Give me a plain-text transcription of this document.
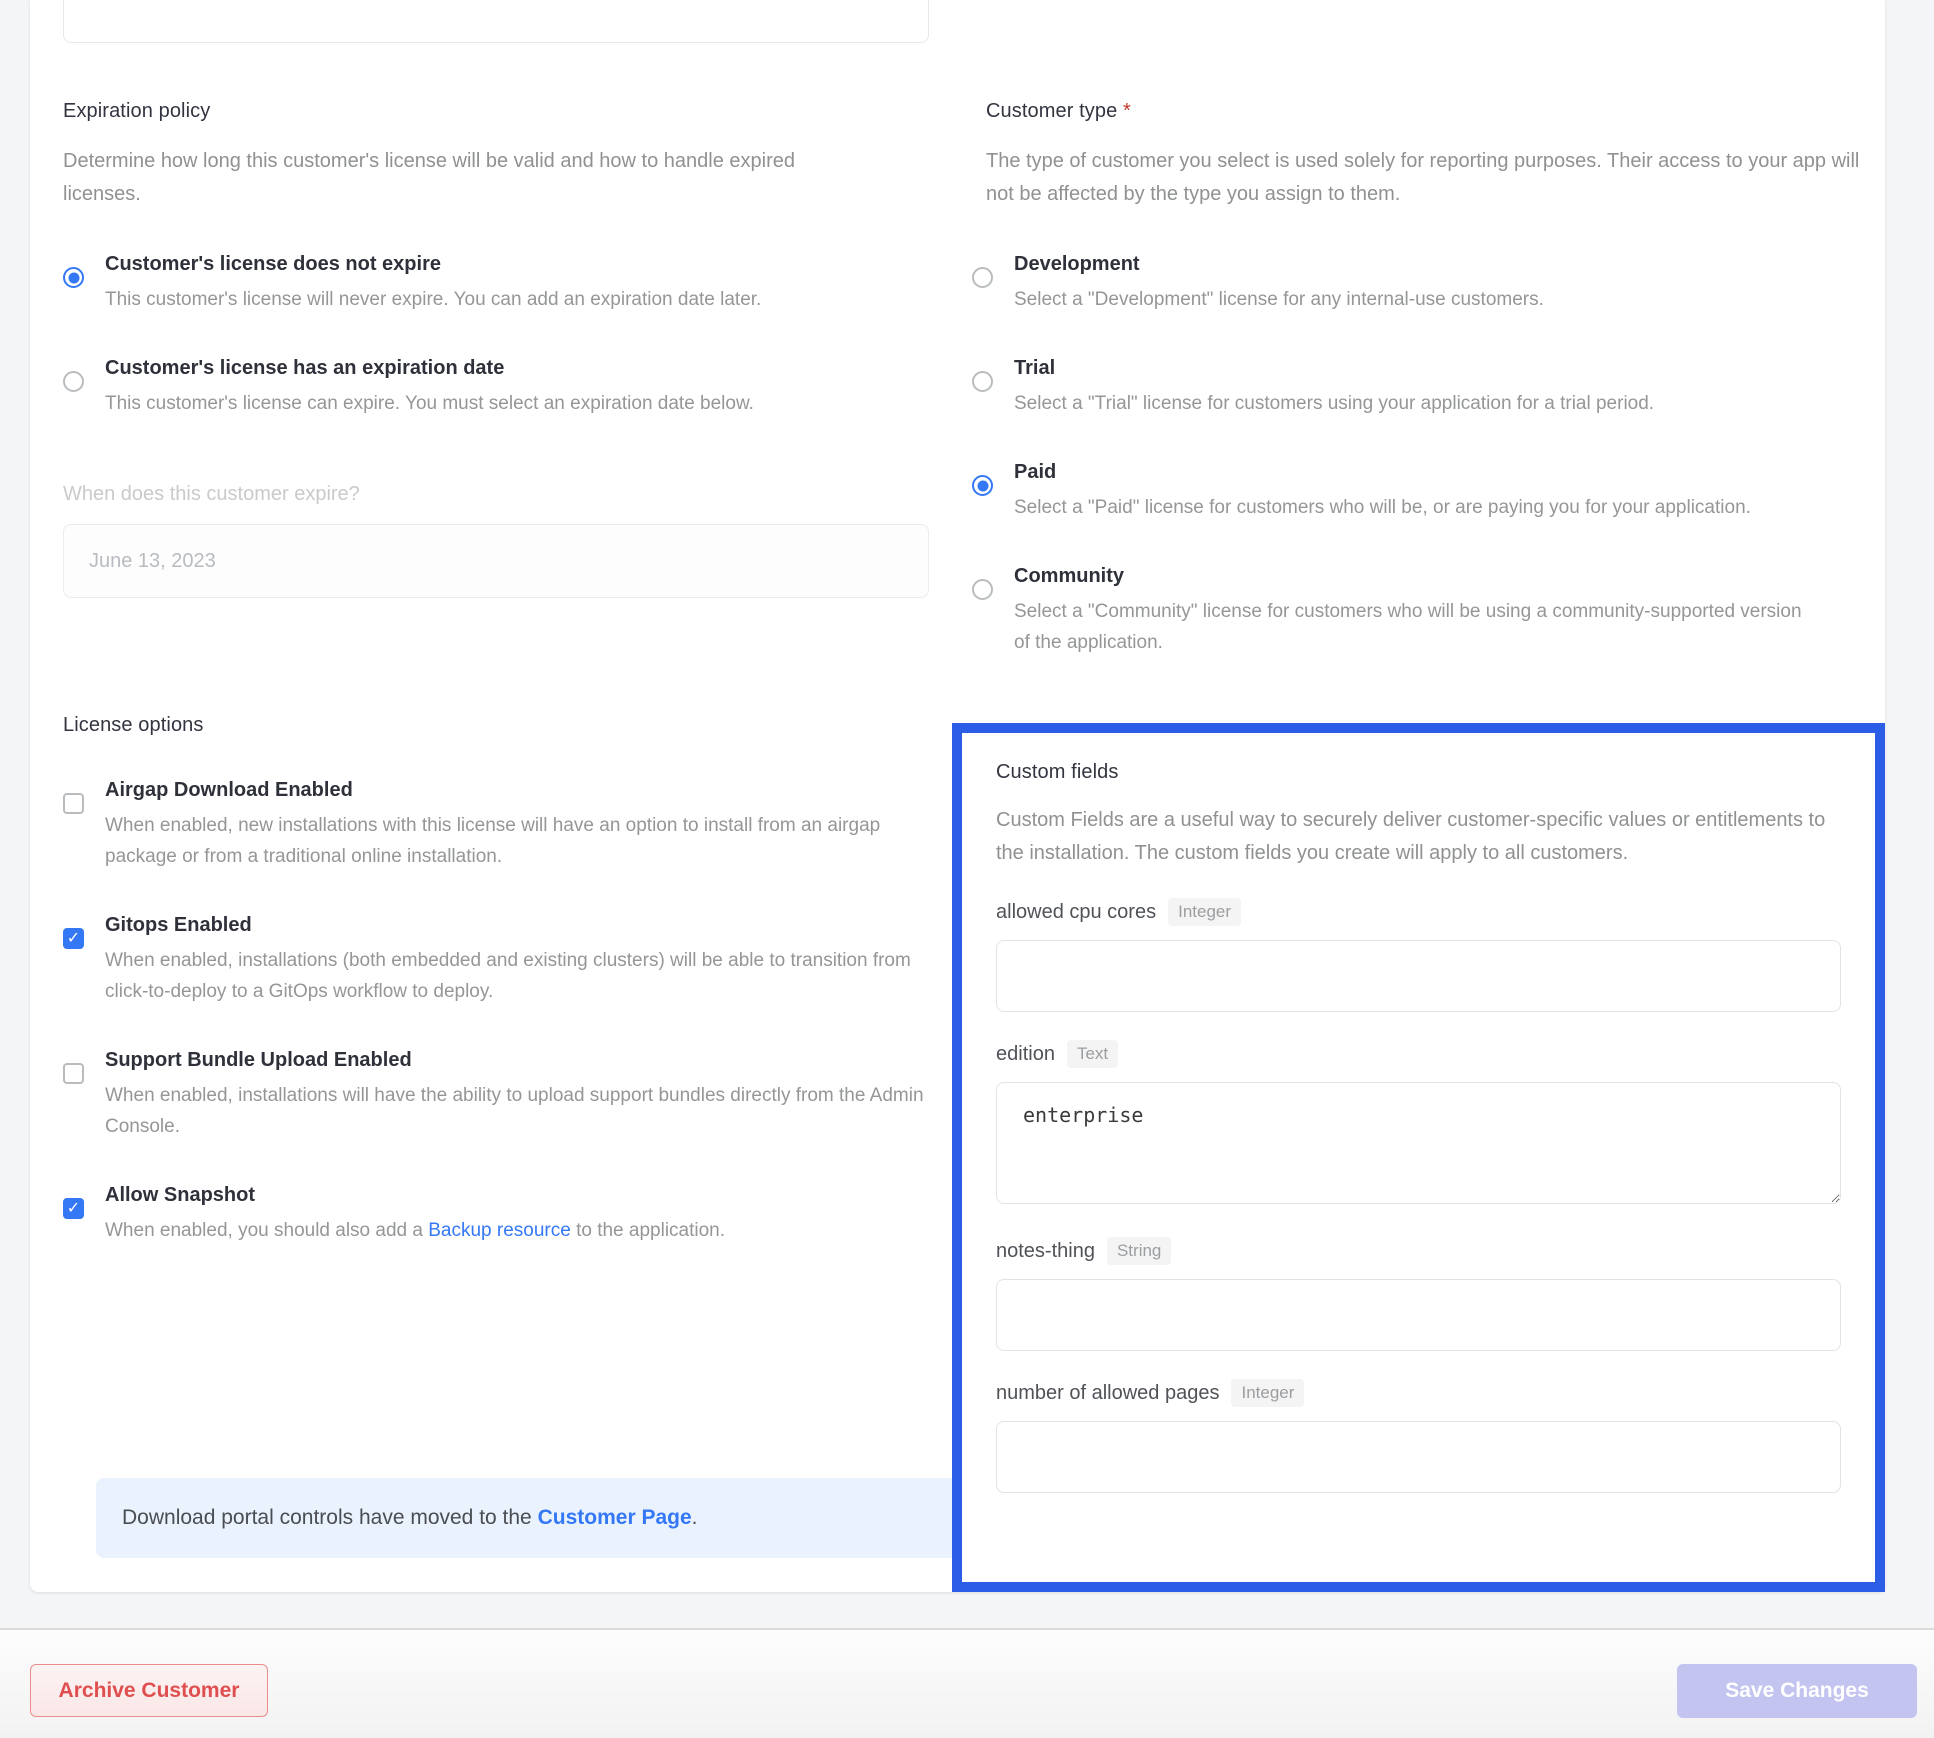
Expiration policy
Determine how long this customer's license will be valid and how to handle expired licenses.
Customer's license does not expire
This customer's license will never expire. You can add an expiration date later.
Customer's license has an expiration date
This customer's license can expire. You must select an expiration date below.
When does this customer expire?
June 13, 2023
License options
Airgap Download Enabled
When enabled, new installations with this license will have an option to install from an airgap package or from a traditional online installation.
✓
Gitops Enabled
When enabled, installations (both embedded and existing clusters) will be able to transition from click-to-deploy to a GitOps workflow to deploy.
Support Bundle Upload Enabled
When enabled, installations will have the ability to upload support bundles directly from the Admin Console.
✓
Allow Snapshot
When enabled, you should also add a Backup resource to the application.
Download portal controls have moved to the Customer Page .
Customer type *
The type of customer you select is used solely for reporting purposes. Their access to your app will not be affected by the type you assign to them.
Development
Select a "Development" license for any internal-use customers.
Trial
Select a "Trial" license for customers using your application for a trial period.
Paid
Select a "Paid" license for customers who will be, or are paying you for your application.
Community
Select a "Community" license for customers who will be using a community-supported version of the application.
Custom fields
Custom Fields are a useful way to securely deliver customer-specific values or entitlements to the installation. The custom fields you create will apply to all customers.
allowed cpu cores	Integer
edition	Text
enterprise
notes-thing	String
number of allowed pages	Integer
Archive Customer	Save Changes
